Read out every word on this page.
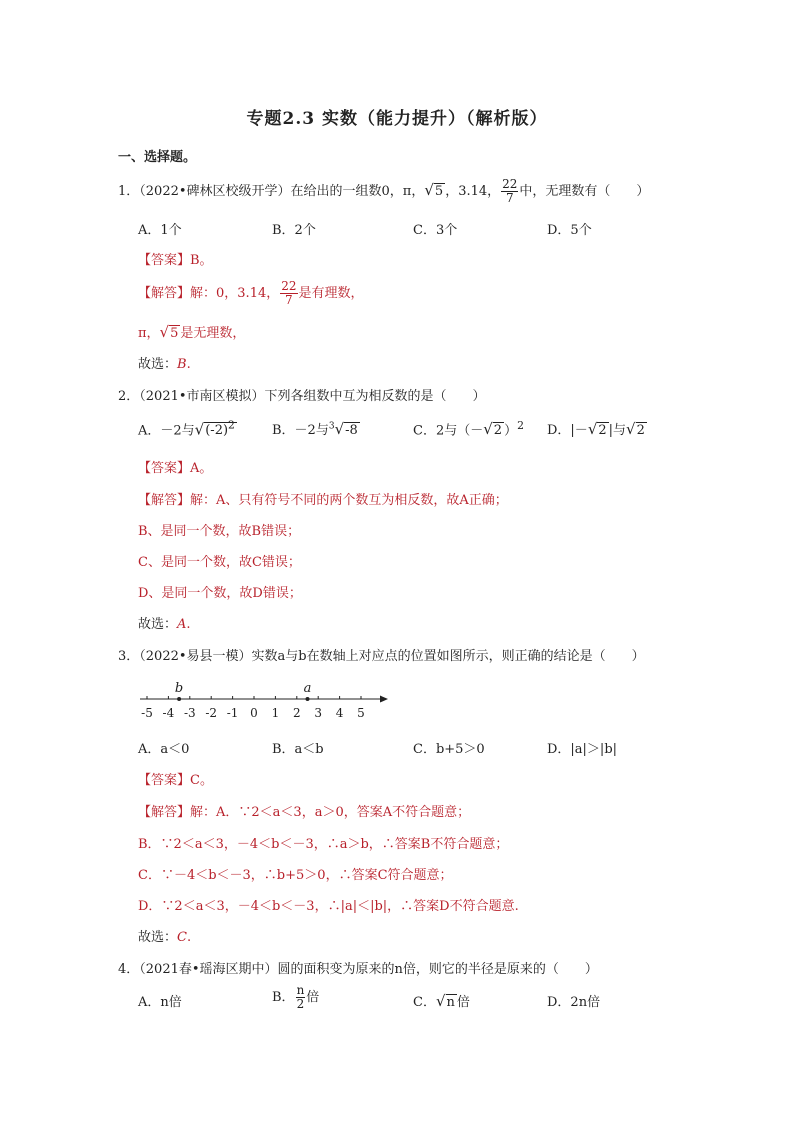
专题2.3 实数（能力提升）（解析版）
一、选择题。
1．（2022•碑林区校级开学）在给出的一组数0，π，√5 ，3.14， $\frac{22}{7}$ 中，无理数有（　　）
A．1个	B．2个	C．3个	D．5个
【答案】B。
【解答】解：0，3.14， $\frac{22}{7}$ 是有理数，
π，√5 是无理数，
故选：B.
2．（2021•市南区模拟）下列各组数中互为相反数的是（　　）
A．－2与$√(-2)^2$	B．－2与$^3$√-8	C．2与（－√2 ）$^2$ D．|－√2 |与√2
【答案】A。
【解答】解：A、只有符号不同的两个数互为相反数，故A正确；
B、是同一个数，故B错误；
C、是同一个数，故C错误；
D、是同一个数，故D错误；
故选：A.
3．（2022•易县一模）实数a与b在数轴上对应点的位置如图所示，则正确的结论是（　　）
-5 -4 -3 -2 -1 0 1 2 3 4 5
b	a
A．a＜0	B．a＜b	C．b+5＞0	D．|a|＞|b|
【答案】C。
【解答】解：A．∵2＜a＜3，a＞0，答案A不符合题意；
B．∵2＜a＜3，－4＜b＜－3，∴a＞b，∴答案B不符合题意；
C．∵－4＜b＜－3，∴b+5＞0，∴答案C符合题意；
D．∵2＜a＜3，－4＜b＜－3，∴|a|＜|b|，∴答案D不符合题意.
故选：C.
4．（2021春•瑶海区期中）圆的面积变为原来的n倍，则它的半径是原来的（　　）
A．n倍	B． $\frac{n}{2}$ 倍	C．√n 倍	D．2n倍
